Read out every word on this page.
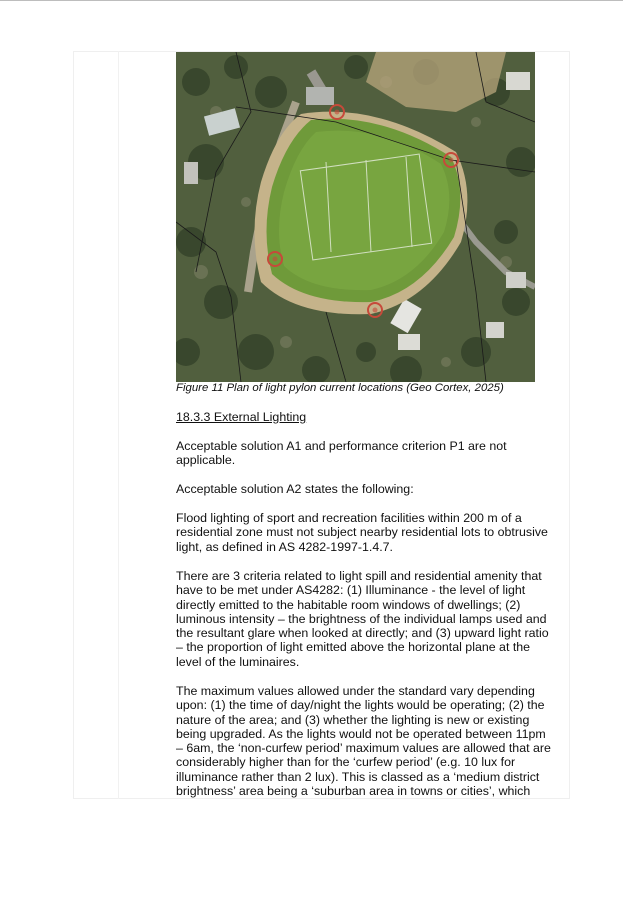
Figure 11 Plan of light pylon current locations (Geo Cortex, 2025)
18.3.3 External Lighting

Acceptable solution A1 and performance criterion P1 are not applicable.

Acceptable solution A2 states the following:

Flood lighting of sport and recreation facilities within 200 m of a residential zone must not subject nearby residential lots to obtrusive light, as defined in AS 4282-1997-1.4.7.

There are 3 criteria related to light spill and residential amenity that have to be met under AS4282: (1) Illuminance - the level of light directly emitted to the habitable room windows of dwellings; (2) luminous intensity – the brightness of the individual lamps used and the resultant glare when looked at directly; and (3) upward light ratio – the proportion of light emitted above the horizontal plane at the level of the luminaires.

The maximum values allowed under the standard vary depending upon: (1) the time of day/night the lights would be operating; (2) the nature of the area; and (3) whether the lighting is new or existing being upgraded. As the lights would not be operated between 11pm – 6am, the ‘non-curfew period’ maximum values are allowed that are considerably higher than for the ‘curfew period’ (e.g. 10 lux for illuminance rather than 2 lux). This is classed as a ‘medium district brightness’ area being a ‘suburban area in towns or cities’, which
